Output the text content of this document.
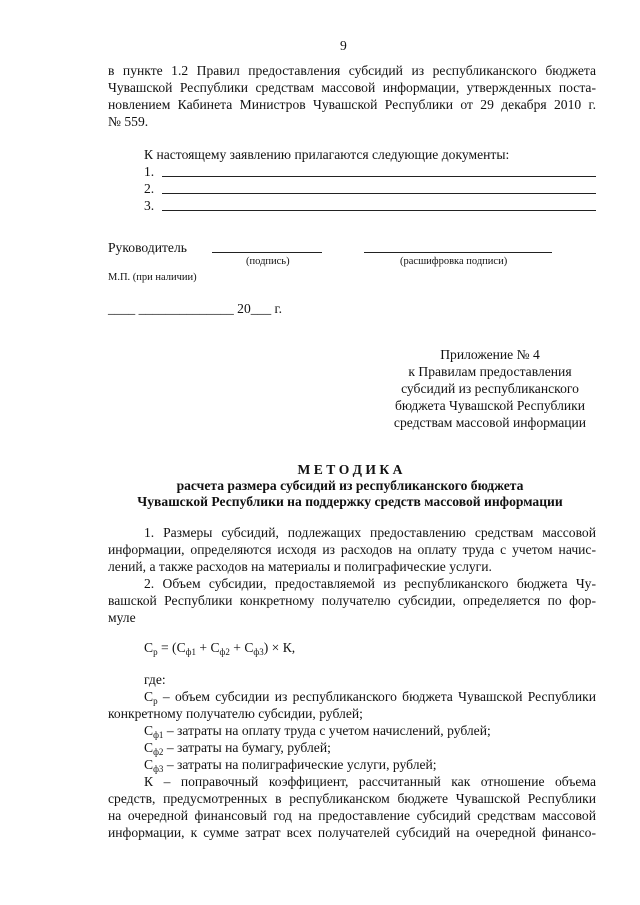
9
в пункте 1.2 Правил предоставления субсидий из республиканского бюджета
Чувашской Республики средствам массовой информации, утвержденных поста-
новлением Кабинета Министров Чувашской Республики от 29 декабря 2010 г.
№ 559.
К настоящему заявлению прилагаются следующие документы:
1.
2.
3.
Руководитель
(подпись)	(расшифровка подписи)
М.П. (при наличии)
____ ______________ 20___ г.
Приложение № 4
к Правилам предоставления
субсидий из республиканского
бюджета Чувашской Республики
средствам массовой информации
М Е Т О Д И К А
расчета размера субсидий из республиканского бюджета
Чувашской Республики на поддержку средств массовой информации
1. Размеры субсидий, подлежащих предоставлению средствам массовой
информации, определяются исходя из расходов на оплату труда с учетом начис-
лений, а также расходов на материалы и полиграфические услуги.
2. Объем субсидии, предоставляемой из республиканского бюджета Чу-
вашской Республики конкретному получателю субсидии, определяется по фор-
муле
$С_р = (С_{ф1} + С_{ф2} + С_{ф3}) \times К$,
где:
$С_р$ – объем субсидии из республиканского бюджета Чувашской Республики
конкретному получателю субсидии, рублей;
$С_{ф1}$ – затраты на оплату труда с учетом начислений, рублей;
$С_{ф2}$ – затраты на бумагу, рублей;
$С_{ф3}$ – затраты на полиграфические услуги, рублей;
К – поправочный коэффициент, рассчитанный как отношение объема
средств, предусмотренных в республиканском бюджете Чувашской Республики
на очередной финансовый год на предоставление субсидий средствам массовой
информации, к сумме затрат всех получателей субсидий на очередной финансо-
